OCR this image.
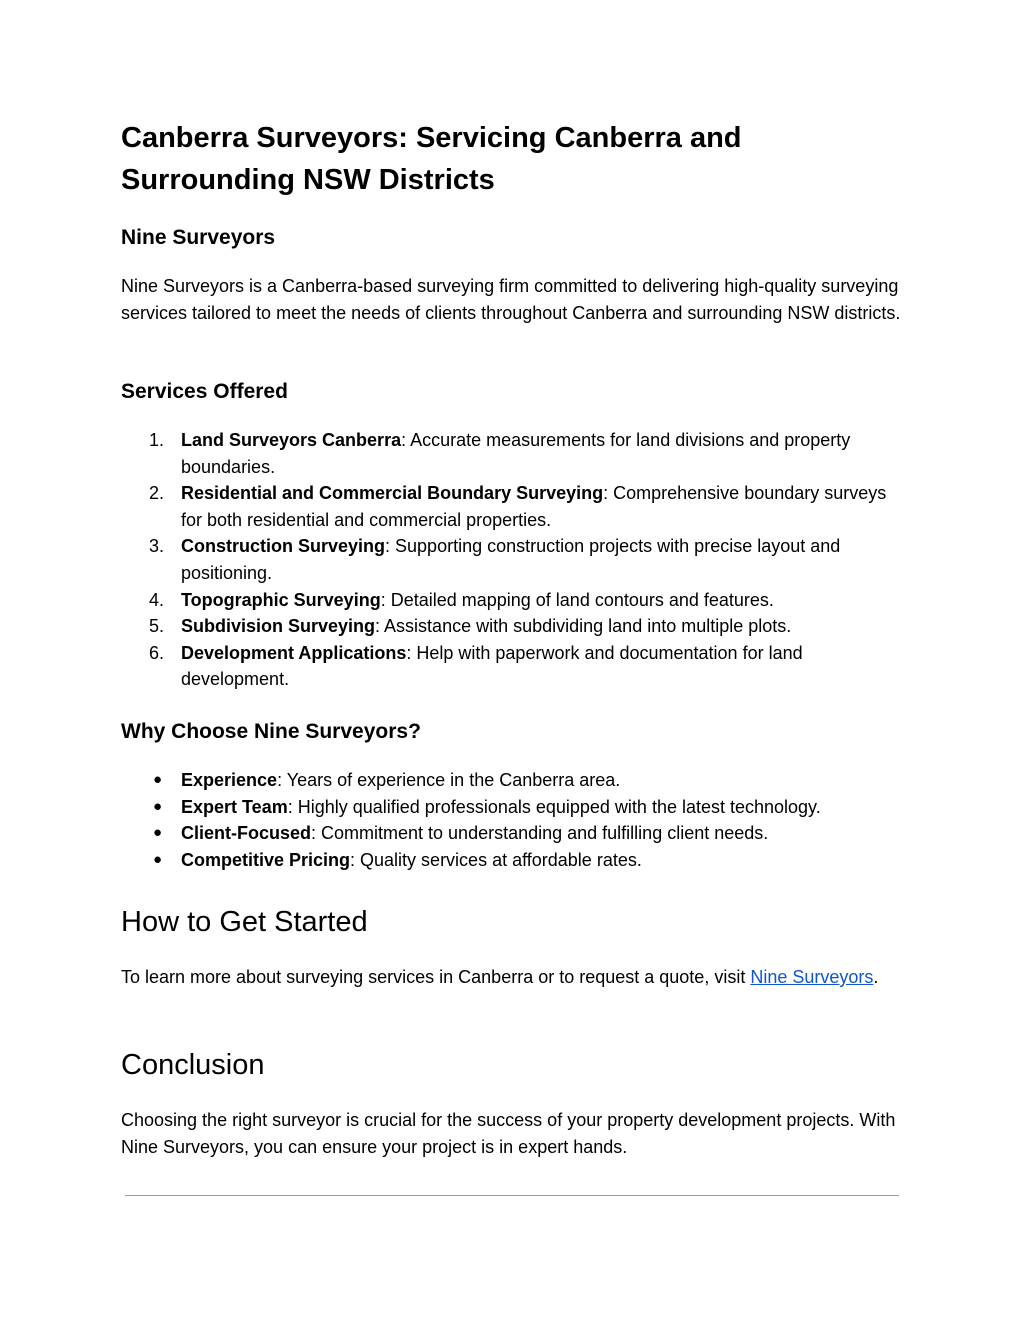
Canberra Surveyors: Servicing Canberra and Surrounding NSW Districts
Nine Surveyors

Nine Surveyors is a Canberra-based surveying firm committed to delivering high-quality surveying services tailored to meet the needs of clients throughout Canberra and surrounding NSW districts.

Services Offered
1. Land Surveyors Canberra: Accurate measurements for land divisions and property boundaries.
2. Residential and Commercial Boundary Surveying: Comprehensive boundary surveys for both residential and commercial properties.
3. Construction Surveying: Supporting construction projects with precise layout and positioning.
4. Topographic Surveying: Detailed mapping of land contours and features.
5. Subdivision Surveying: Assistance with subdividing land into multiple plots.
6. Development Applications: Help with paperwork and documentation for land development.
Why Choose Nine Surveyors?
●	Experience: Years of experience in the Canberra area.
●	Expert Team: Highly qualified professionals equipped with the latest technology.
●	Client-Focused: Commitment to understanding and fulfilling client needs.
●	Competitive Pricing: Quality services at affordable rates.
How to Get Started

To learn more about surveying services in Canberra or to request a quote, visit Nine Surveyors.

Conclusion

Choosing the right surveyor is crucial for the success of your property development projects. With Nine Surveyors, you can ensure your project is in expert hands.
